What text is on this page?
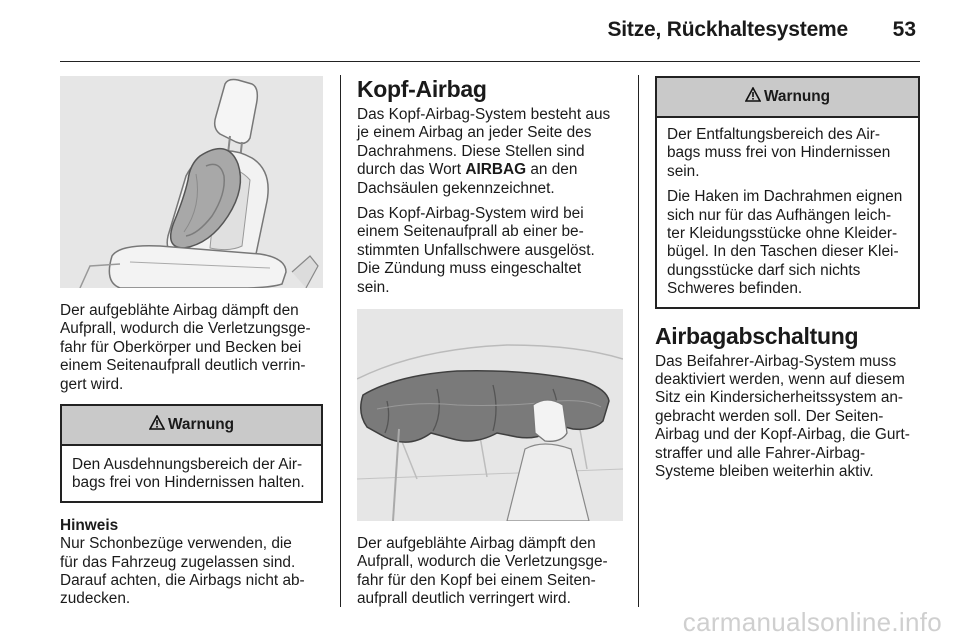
Sitze, Rückhaltesysteme 53
Der aufgeblähte Airbag dämpft den
Aufprall, wodurch die Verletzungsge-
fahr für Oberkörper und Becken bei
einem Seitenaufprall deutlich verrin-
gert wird.
Warnung
Den Ausdehnungsbereich der Air-
bags frei von Hindernissen halten.
Hinweis
Nur Schonbezüge verwenden, die
für das Fahrzeug zugelassen sind.
Darauf achten, die Airbags nicht ab-
zudecken.
Kopf-Airbag
Das Kopf-Airbag-System besteht aus
je einem Airbag an jeder Seite des
Dachrahmens. Diese Stellen sind
durch das Wort AIRBAG an den
Dachsäulen gekennzeichnet.
Das Kopf-Airbag-System wird bei
einem Seitenaufprall ab einer be-
stimmten Unfallschwere ausgelöst.
Die Zündung muss eingeschaltet
sein.
Der aufgeblähte Airbag dämpft den
Aufprall, wodurch die Verletzungsge-
fahr für den Kopf bei einem Seiten-
aufprall deutlich verringert wird.
Warnung

Der Entfaltungsbereich des Air-
bags muss frei von Hindernissen
sein.

Die Haken im Dachrahmen eignen
sich nur für das Aufhängen leich-
ter Kleidungsstücke ohne Kleider-
bügel. In den Taschen dieser Klei-
dungsstücke darf sich nichts
Schweres befinden.

Airbagabschaltung
Das Beifahrer-Airbag-System muss
deaktiviert werden, wenn auf diesem
Sitz ein Kindersicherheitssystem an-
gebracht werden soll. Der Seiten-
Airbag und der Kopf-Airbag, die Gurt-
straffer und alle Fahrer-Airbag-
Systeme bleiben weiterhin aktiv.
carmanualsonline.info
